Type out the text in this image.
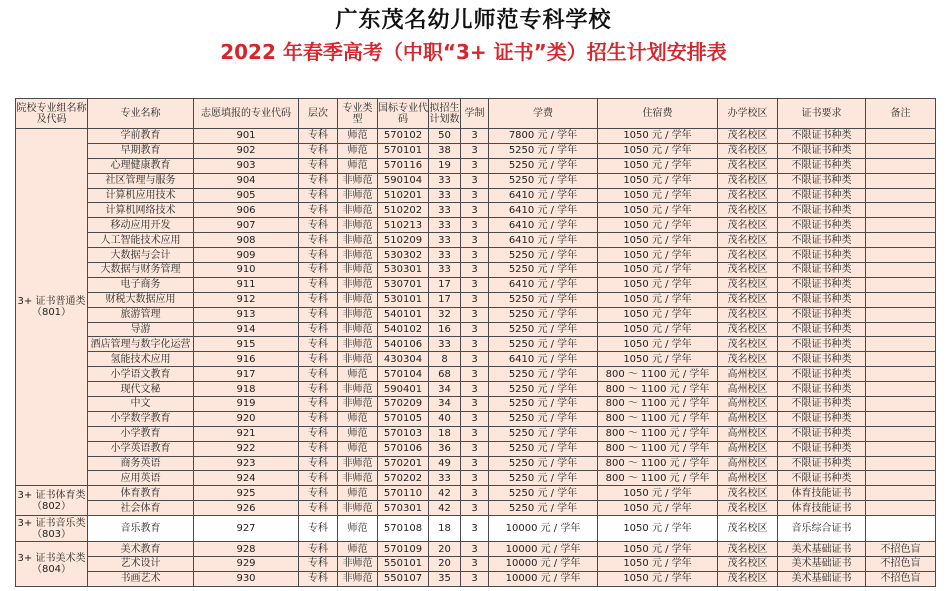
广东茂名幼儿师范专科学校
2022 年春季高考（中职“3+ 证书”类）招生计划安排表
院校专业组名称及代码	专业名称	志愿填报的专业代码	层次	专业类型	国标专业代码	拟招生计划数	学制	学费	住宿费	办学校区	证书要求	备注
3+ 证书普通类（801）	学前教育	901	专科	师范	570102	50	3	7800 元 / 学年	1050 元 / 学年	茂名校区	不限证书种类	
	早期教育	902	专科	师范	570101	38	3	5250 元 / 学年	1050 元 / 学年	茂名校区	不限证书种类	
	心理健康教育	903	专科	师范	570116	19	3	5250 元 / 学年	1050 元 / 学年	茂名校区	不限证书种类	
	社区管理与服务	904	专科	非师范	590104	33	3	5250 元 / 学年	1050 元 / 学年	茂名校区	不限证书种类	
	计算机应用技术	905	专科	非师范	510201	33	3	6410 元 / 学年	1050 元 / 学年	茂名校区	不限证书种类	
	计算机网络技术	906	专科	非师范	510202	33	3	6410 元 / 学年	1050 元 / 学年	茂名校区	不限证书种类	
	移动应用开发	907	专科	非师范	510213	33	3	6410 元 / 学年	1050 元 / 学年	茂名校区	不限证书种类	
	人工智能技术应用	908	专科	非师范	510209	33	3	6410 元 / 学年	1050 元 / 学年	茂名校区	不限证书种类	
	大数据与会计	909	专科	非师范	530302	33	3	5250 元 / 学年	1050 元 / 学年	茂名校区	不限证书种类	
	大数据与财务管理	910	专科	非师范	530301	33	3	5250 元 / 学年	1050 元 / 学年	茂名校区	不限证书种类	
	电子商务	911	专科	非师范	530701	17	3	6410 元 / 学年	1050 元 / 学年	茂名校区	不限证书种类	
	财税大数据应用	912	专科	非师范	530101	17	3	5250 元 / 学年	1050 元 / 学年	茂名校区	不限证书种类	
	旅游管理	913	专科	非师范	540101	32	3	5250 元 / 学年	1050 元 / 学年	茂名校区	不限证书种类	
	导游	914	专科	非师范	540102	16	3	5250 元 / 学年	1050 元 / 学年	茂名校区	不限证书种类	
	酒店管理与数字化运营	915	专科	非师范	540106	33	3	5250 元 / 学年	1050 元 / 学年	茂名校区	不限证书种类	
	氢能技术应用	916	专科	非师范	430304	8	3	6410 元 / 学年	1050 元 / 学年	茂名校区	不限证书种类	
	小学语文教育	917	专科	师范	570104	68	3	5250 元 / 学年	800 ～ 1100 元 / 学年	高州校区	不限证书种类	
	现代文秘	918	专科	非师范	590401	34	3	5250 元 / 学年	800 ～ 1100 元 / 学年	高州校区	不限证书种类	
	中文	919	专科	非师范	570209	34	3	5250 元 / 学年	800 ～ 1100 元 / 学年	高州校区	不限证书种类	
	小学数学教育	920	专科	师范	570105	40	3	5250 元 / 学年	800 ～ 1100 元 / 学年	高州校区	不限证书种类	
	小学教育	921	专科	师范	570103	18	3	5250 元 / 学年	800 ～ 1100 元 / 学年	高州校区	不限证书种类	
	小学英语教育	922	专科	师范	570106	36	3	5250 元 / 学年	800 ～ 1100 元 / 学年	高州校区	不限证书种类	
	商务英语	923	专科	非师范	570201	49	3	5250 元 / 学年	800 ～ 1100 元 / 学年	高州校区	不限证书种类	
	应用英语	924	专科	非师范	570202	33	3	5250 元 / 学年	800 ～ 1100 元 / 学年	高州校区	不限证书种类	
3+ 证书体育类（802）	体育教育	925	专科	师范	570110	42	3	5250 元 / 学年	1050 元 / 学年	茂名校区	体育技能证书	
	社会体育	926	专科	非师范	570301	42	3	5250 元 / 学年	1050 元 / 学年	茂名校区	体育技能证书	
3+ 证书音乐类（803）	音乐教育	927	专科	师范	570108	18	3	10000 元 / 学年	1050 元 / 学年	茂名校区	音乐综合证书	
3+ 证书美术类（804）	美术教育	928	专科	师范	570109	20	3	10000 元 / 学年	1050 元 / 学年	茂名校区	美术基础证书	不招色盲
	艺术设计	929	专科	非师范	550101	20	3	10000 元 / 学年	1050 元 / 学年	茂名校区	美术基础证书	不招色盲
	书画艺术	930	专科	非师范	550107	35	3	10000 元 / 学年	1050 元 / 学年	茂名校区	美术基础证书	不招色盲
